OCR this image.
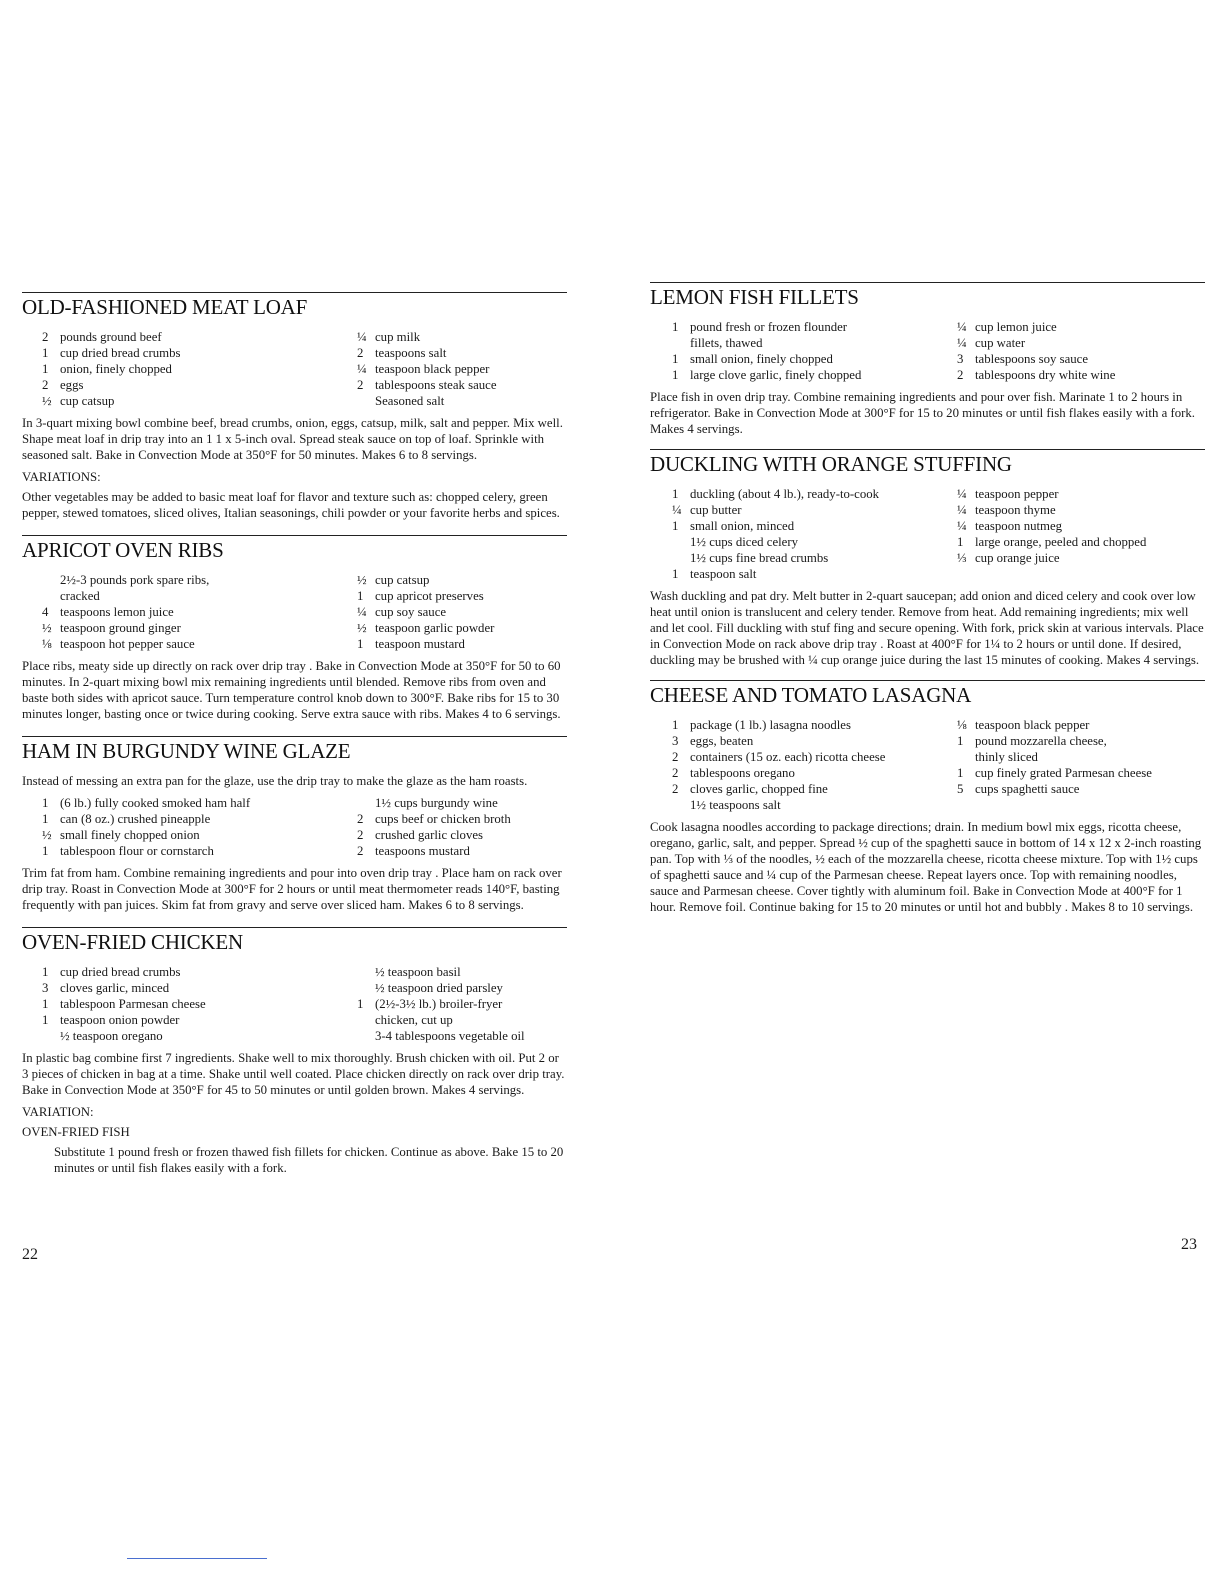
OLD-FASHIONED MEAT LOAF
2 pounds ground beef
1 cup dried bread crumbs
1 onion, finely chopped
2 eggs
½ cup catsup
¼ cup milk
2 teaspoons salt
¼ teaspoon black pepper
2 tablespoons steak sauce
Seasoned salt
In 3-quart mixing bowl combine beef, bread crumbs, onion, eggs, catsup, milk, salt and pepper. Mix well. Shape meat loaf in drip tray into an 1 1 x 5-inch oval. Spread steak sauce on top of loaf. Sprinkle with seasoned salt. Bake in Convection Mode at 350°F for 50 minutes. Makes 6 to 8 servings.
VARIATIONS:
Other vegetables may be added to basic meat loaf for flavor and texture such as: chopped celery, green pepper, stewed tomatoes, sliced olives, Italian seasonings, chili powder or your favorite herbs and spices.
APRICOT OVEN RIBS
2½-3 pounds pork spare ribs,
cracked
4 teaspoons lemon juice
½ teaspoon ground ginger
⅛ teaspoon hot pepper sauce
½ cup catsup
1 cup apricot preserves
¼ cup soy sauce
½ teaspoon garlic powder
1 teaspoon mustard
Place ribs, meaty side up directly on rack over drip tray . Bake in Convection Mode at 350°F for 50 to 60 minutes. In 2-quart mixing bowl mix remaining ingredients until blended. Remove ribs from oven and baste both sides with apricot sauce. Turn temperature control knob down to 300°F. Bake ribs for 15 to 30 minutes longer, basting once or twice during cooking. Serve extra sauce with ribs. Makes 4 to 6 servings.
HAM IN BURGUNDY WINE GLAZE
Instead of messing an extra pan for the glaze, use the drip tray to make the glaze as the ham roasts.
1 (6 lb.) fully cooked smoked ham half
1 can (8 oz.) crushed pineapple
½ small finely chopped onion
1 tablespoon flour or cornstarch
1½ cups burgundy wine
2 cups beef or chicken broth
2 crushed garlic cloves
2 teaspoons mustard
Trim fat from ham. Combine remaining ingredients and pour into oven drip tray . Place ham on rack over drip tray. Roast in Convection Mode at 300°F for 2 hours or until meat thermometer reads 140°F, basting frequently with pan juices. Skim fat from gravy and serve over sliced ham. Makes 6 to 8 servings.
OVEN-FRIED CHICKEN
1 cup dried bread crumbs
3 cloves garlic, minced
1 tablespoon Parmesan cheese
1 teaspoon onion powder
½ teaspoon oregano
½ teaspoon basil
½ teaspoon dried parsley
1 (2½-3½ lb.) broiler-fryer
chicken, cut up
3-4 tablespoons vegetable oil
In plastic bag combine first 7 ingredients. Shake well to mix thoroughly. Brush chicken with oil. Put 2 or 3 pieces of chicken in bag at a time. Shake until well coated. Place chicken directly on rack over drip tray. Bake in Convection Mode at 350°F for 45 to 50 minutes or until golden brown. Makes 4 servings.
VARIATION:
OVEN-FRIED FISH
Substitute 1 pound fresh or frozen thawed fish fillets for chicken. Continue as above. Bake 15 to 20 minutes or until fish flakes easily with a fork.
LEMON FISH FILLETS
1 pound fresh or frozen flounder
fillets, thawed
1 small onion, finely chopped
1 large clove garlic, finely chopped
¼ cup lemon juice
¼ cup water
3 tablespoons soy sauce
2 tablespoons dry white wine
Place fish in oven drip tray. Combine remaining ingredients and pour over fish. Marinate 1 to 2 hours in refrigerator. Bake in Convection Mode at 300°F for 15 to 20 minutes or until fish flakes easily with a fork. Makes 4 servings.
DUCKLING WITH ORANGE STUFFING
1 duckling (about 4 lb.), ready-to-cook
¼ cup butter
1 small onion, minced
1½ cups diced celery
1½ cups fine bread crumbs
1 teaspoon salt
¼ teaspoon pepper
¼ teaspoon thyme
¼ teaspoon nutmeg
1 large orange, peeled and chopped
⅓ cup orange juice
Wash duckling and pat dry. Melt butter in 2-quart saucepan; add onion and diced celery and cook over low heat until onion is translucent and celery tender. Remove from heat. Add remaining ingredients; mix well and let cool. Fill duckling with stuf fing and secure opening. With fork, prick skin at various intervals. Place in Convection Mode on rack above drip tray . Roast at 400°F for 1¼ to 2 hours or until done. If desired, duckling may be brushed with ¼ cup orange juice during the last 15 minutes of cooking. Makes 4 servings.
CHEESE AND TOMATO LASAGNA
1 package (1 lb.) lasagna noodles
3 eggs, beaten
2 containers (15 oz. each) ricotta cheese
2 tablespoons oregano
2 cloves garlic, chopped fine
1½ teaspoons salt
⅛ teaspoon black pepper
1 pound mozzarella cheese,
thinly sliced
1 cup finely grated Parmesan cheese
5 cups spaghetti sauce
Cook lasagna noodles according to package directions; drain. In medium bowl mix eggs, ricotta cheese, oregano, garlic, salt, and pepper. Spread ½ cup of the spaghetti sauce in bottom of 14 x 12 x 2-inch roasting pan. Top with ⅓ of the noodles, ½ each of the mozzarella cheese, ricotta cheese mixture. Top with 1½ cups of spaghetti sauce and ¼ cup of the Parmesan cheese. Repeat layers once. Top with remaining noodles, sauce and Parmesan cheese. Cover tightly with aluminum foil. Bake in Convection Mode at 400°F for 1 hour. Remove foil. Continue baking for 15 to 20 minutes or until hot and bubbly . Makes 8 to 10 servings.
22
23
